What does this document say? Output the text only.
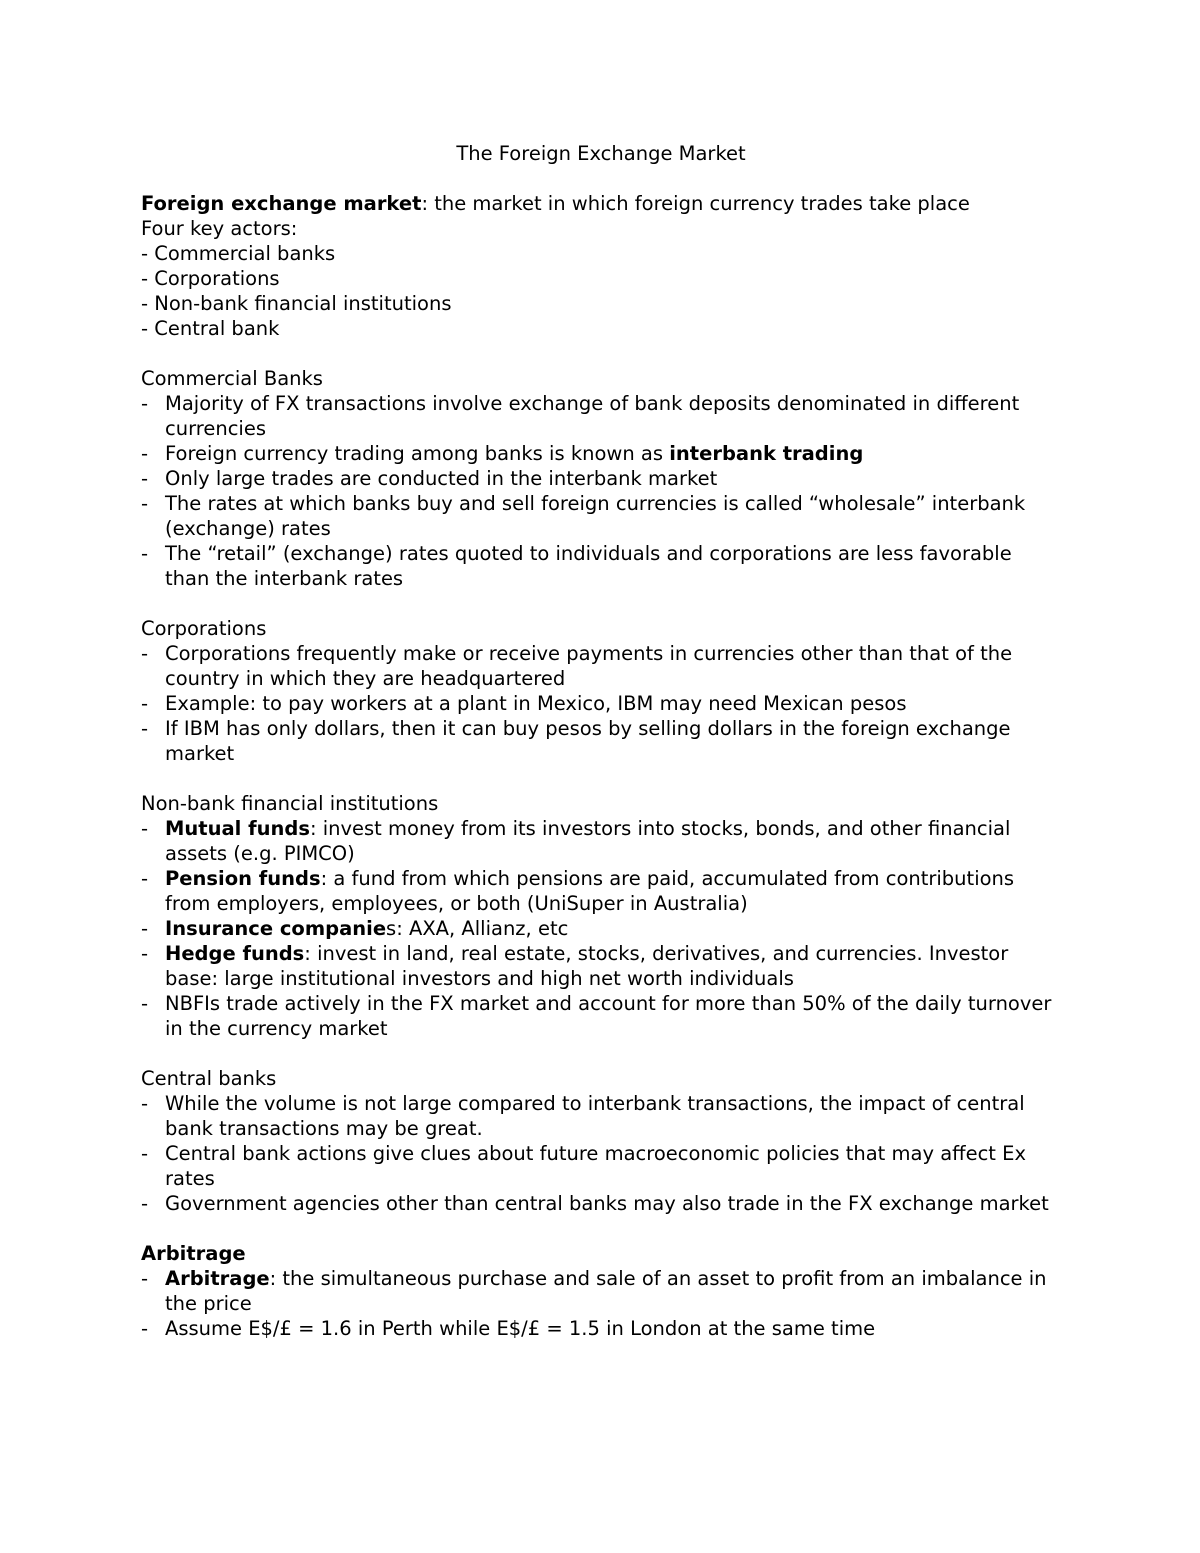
The Foreign Exchange Market

Foreign exchange market: the market in which foreign currency trades take place

Four key actors:

- Commercial banks
- Corporations
- Non-bank financial institutions
- Central bank

Commercial Banks

- Majority of FX transactions involve exchange of bank deposits denominated in different currencies
- Foreign currency trading among banks is known as interbank trading
- Only large trades are conducted in the interbank market
- The rates at which banks buy and sell foreign currencies is called “wholesale” interbank (exchange) rates
- The “retail” (exchange) rates quoted to individuals and corporations are less favorable than the interbank rates

Corporations

- Corporations frequently make or receive payments in currencies other than that of the country in which they are headquartered
- Example: to pay workers at a plant in Mexico, IBM may need Mexican pesos
- If IBM has only dollars, then it can buy pesos by selling dollars in the foreign exchange market

Non-bank financial institutions

- Mutual funds: invest money from its investors into stocks, bonds, and other financial assets (e.g. PIMCO)
- Pension funds: a fund from which pensions are paid, accumulated from contributions from employers, employees, or both (UniSuper in Australia)
- Insurance companies: AXA, Allianz, etc
- Hedge funds: invest in land, real estate, stocks, derivatives, and currencies. Investor base: large institutional investors and high net worth individuals
- NBFIs trade actively in the FX market and account for more than 50% of the daily turnover in the currency market

Central banks

- While the volume is not large compared to interbank transactions, the impact of central bank transactions may be great.
- Central bank actions give clues about future macroeconomic policies that may affect Ex rates
- Government agencies other than central banks may also trade in the FX exchange market

Arbitrage

- Arbitrage: the simultaneous purchase and sale of an asset to profit from an imbalance in the price
- Assume E$/£ = 1.6 in Perth while E$/£ = 1.5 in London at the same time
